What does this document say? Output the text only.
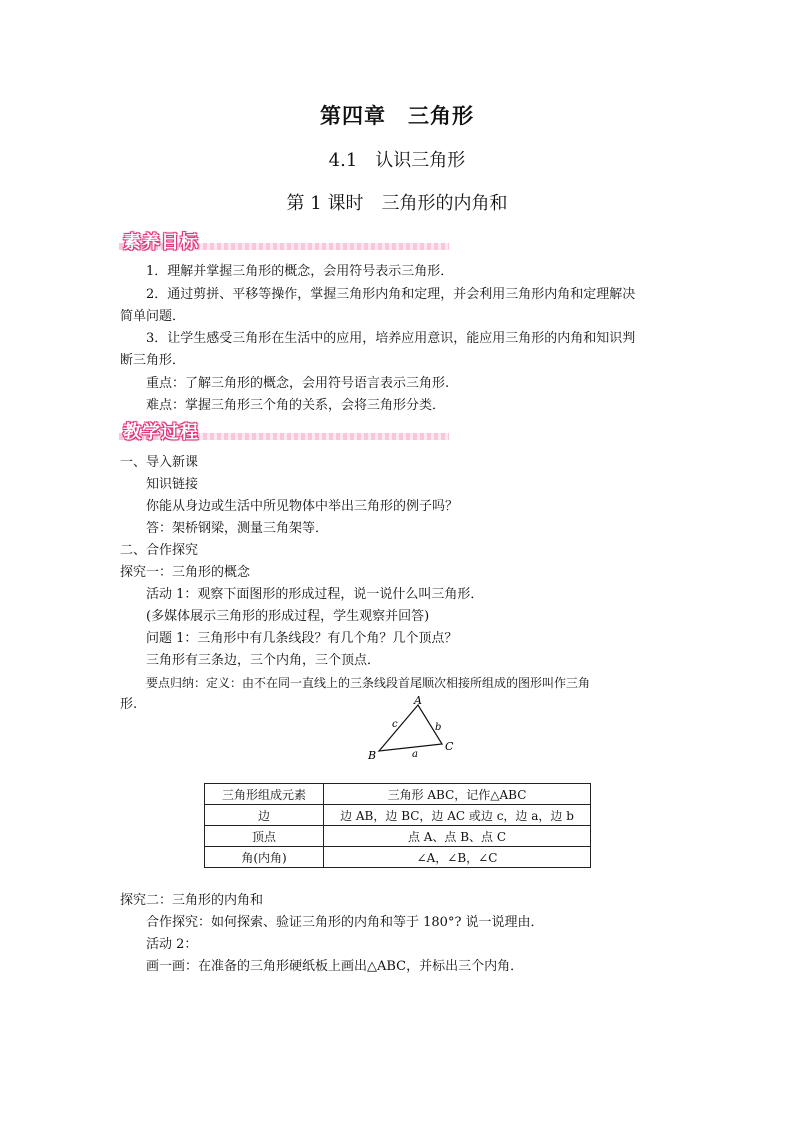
第四章　三角形
4.1　认识三角形
第 1 课时　三角形的内角和
素养目标
1．理解并掌握三角形的概念，会用符号表示三角形．
2．通过剪拼、平移等操作，掌握三角形内角和定理，并会利用三角形内角和定理解决
简单问题．
3．让学生感受三角形在生活中的应用，培养应用意识，能应用三角形的内角和知识判
断三角形．
重点：了解三角形的概念，会用符号语言表示三角形.
难点：掌握三角形三个角的关系，会将三角形分类．
教学过程
一、导入新课
知识链接
你能从身边或生活中所见物体中举出三角形的例子吗？
答：架桥钢梁，测量三角架等．
二、合作探究
探究一：三角形的概念
活动 1：观察下面图形的形成过程，说一说什么叫三角形．
(多媒体展示三角形的形成过程，学生观察并回答)
问题 1：三角形中有几条线段？有几个角？几个顶点？
三角形有三条边，三个内角，三个顶点．
要点归纳：定义：由不在同一直线上的三条线段首尾顺次相接所组成的图形叫作三角
形.	A
B
C
a
b
c
三角形组成元素	三角形 ABC，记作△ABC
边	边 AB，边 BC，边 AC 或边 c，边 a，边 b
顶点	点 A、点 B、点 C
角(内角)	∠A，∠B，∠C
探究二：三角形的内角和
合作探究：如何探索、验证三角形的内角和等于 180°? 说一说理由．
活动 2：
画一画：在准备的三角形硬纸板上画出△ABC，并标出三个内角．
